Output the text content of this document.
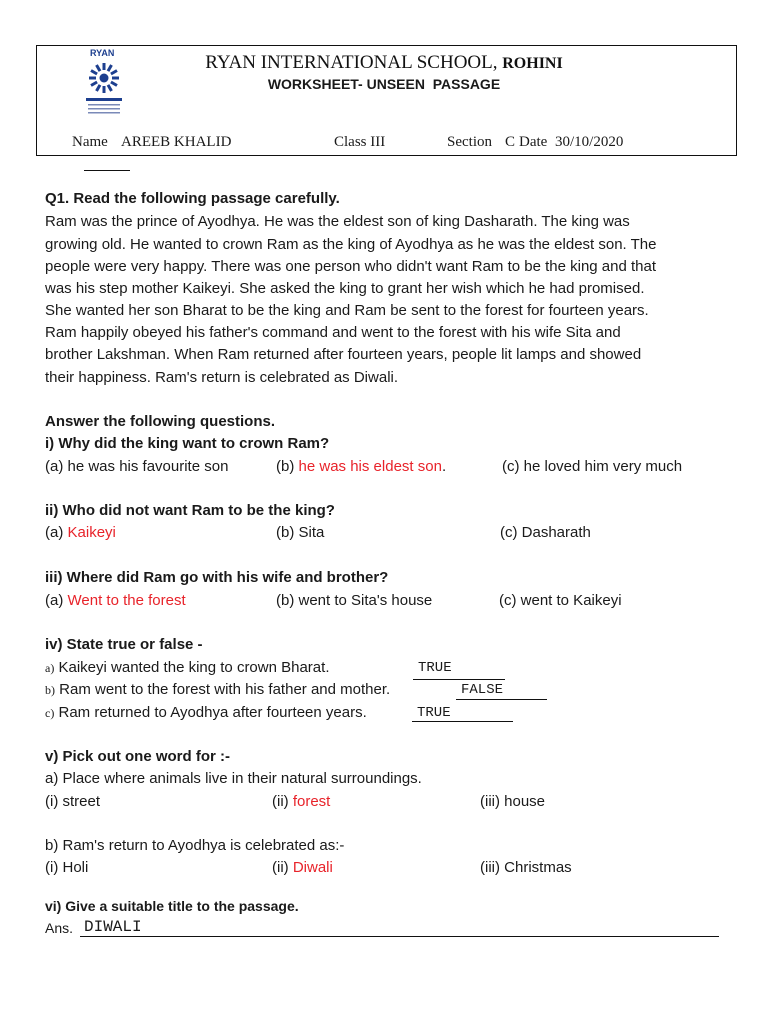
RYAN	RYAN INTERNATIONAL SCHOOL, ROHINI
WORKSHEET- UNSEEN  PASSAGE
Name AREEB KHALID	Class III	Section C Date 30/10/2020
Q1. Read the following passage carefully.
Ram was the prince of Ayodhya. He was the eldest son of king Dasharath. The king was
growing old. He wanted to crown Ram as the king of Ayodhya as he was the eldest son. The
people were very happy. There was one person who didn't want Ram to be the king and that
was his step mother Kaikeyi. She asked the king to grant her wish which he had promised.
She wanted her son Bharat to be the king and Ram be sent to the forest for fourteen years.
Ram happily obeyed his father's command and went to the forest with his wife Sita and
brother Lakshman. When Ram returned after fourteen years, people lit lamps and showed
their happiness. Ram's return is celebrated as Diwali.
Answer the following questions.
i) Why did the king want to crown Ram?
(a) he was his favourite son	(b) he was his eldest son.	(c) he loved him very much
ii) Who did not want Ram to be the king?
(a) Kaikeyi	(b) Sita	(c) Dasharath
iii) Where did Ram go with his wife and brother?
(a) Went to the forest	(b) went to Sita's house	(c) went to Kaikeyi
iv) State true or false -
a) Kaikeyi wanted the king to crown Bharat.	TRUE
b) Ram went to the forest with his father and mother.	FALSE
c) Ram returned to Ayodhya after fourteen years.	TRUE
v) Pick out one word for :-
a) Place where animals live in their natural surroundings.
(i) street	(ii) forest	(iii) house
b) Ram's return to Ayodhya is celebrated as:-
(i) Holi	(ii) Diwali	(iii) Christmas
vi) Give a suitable title to the passage.
Ans. DIWALI
